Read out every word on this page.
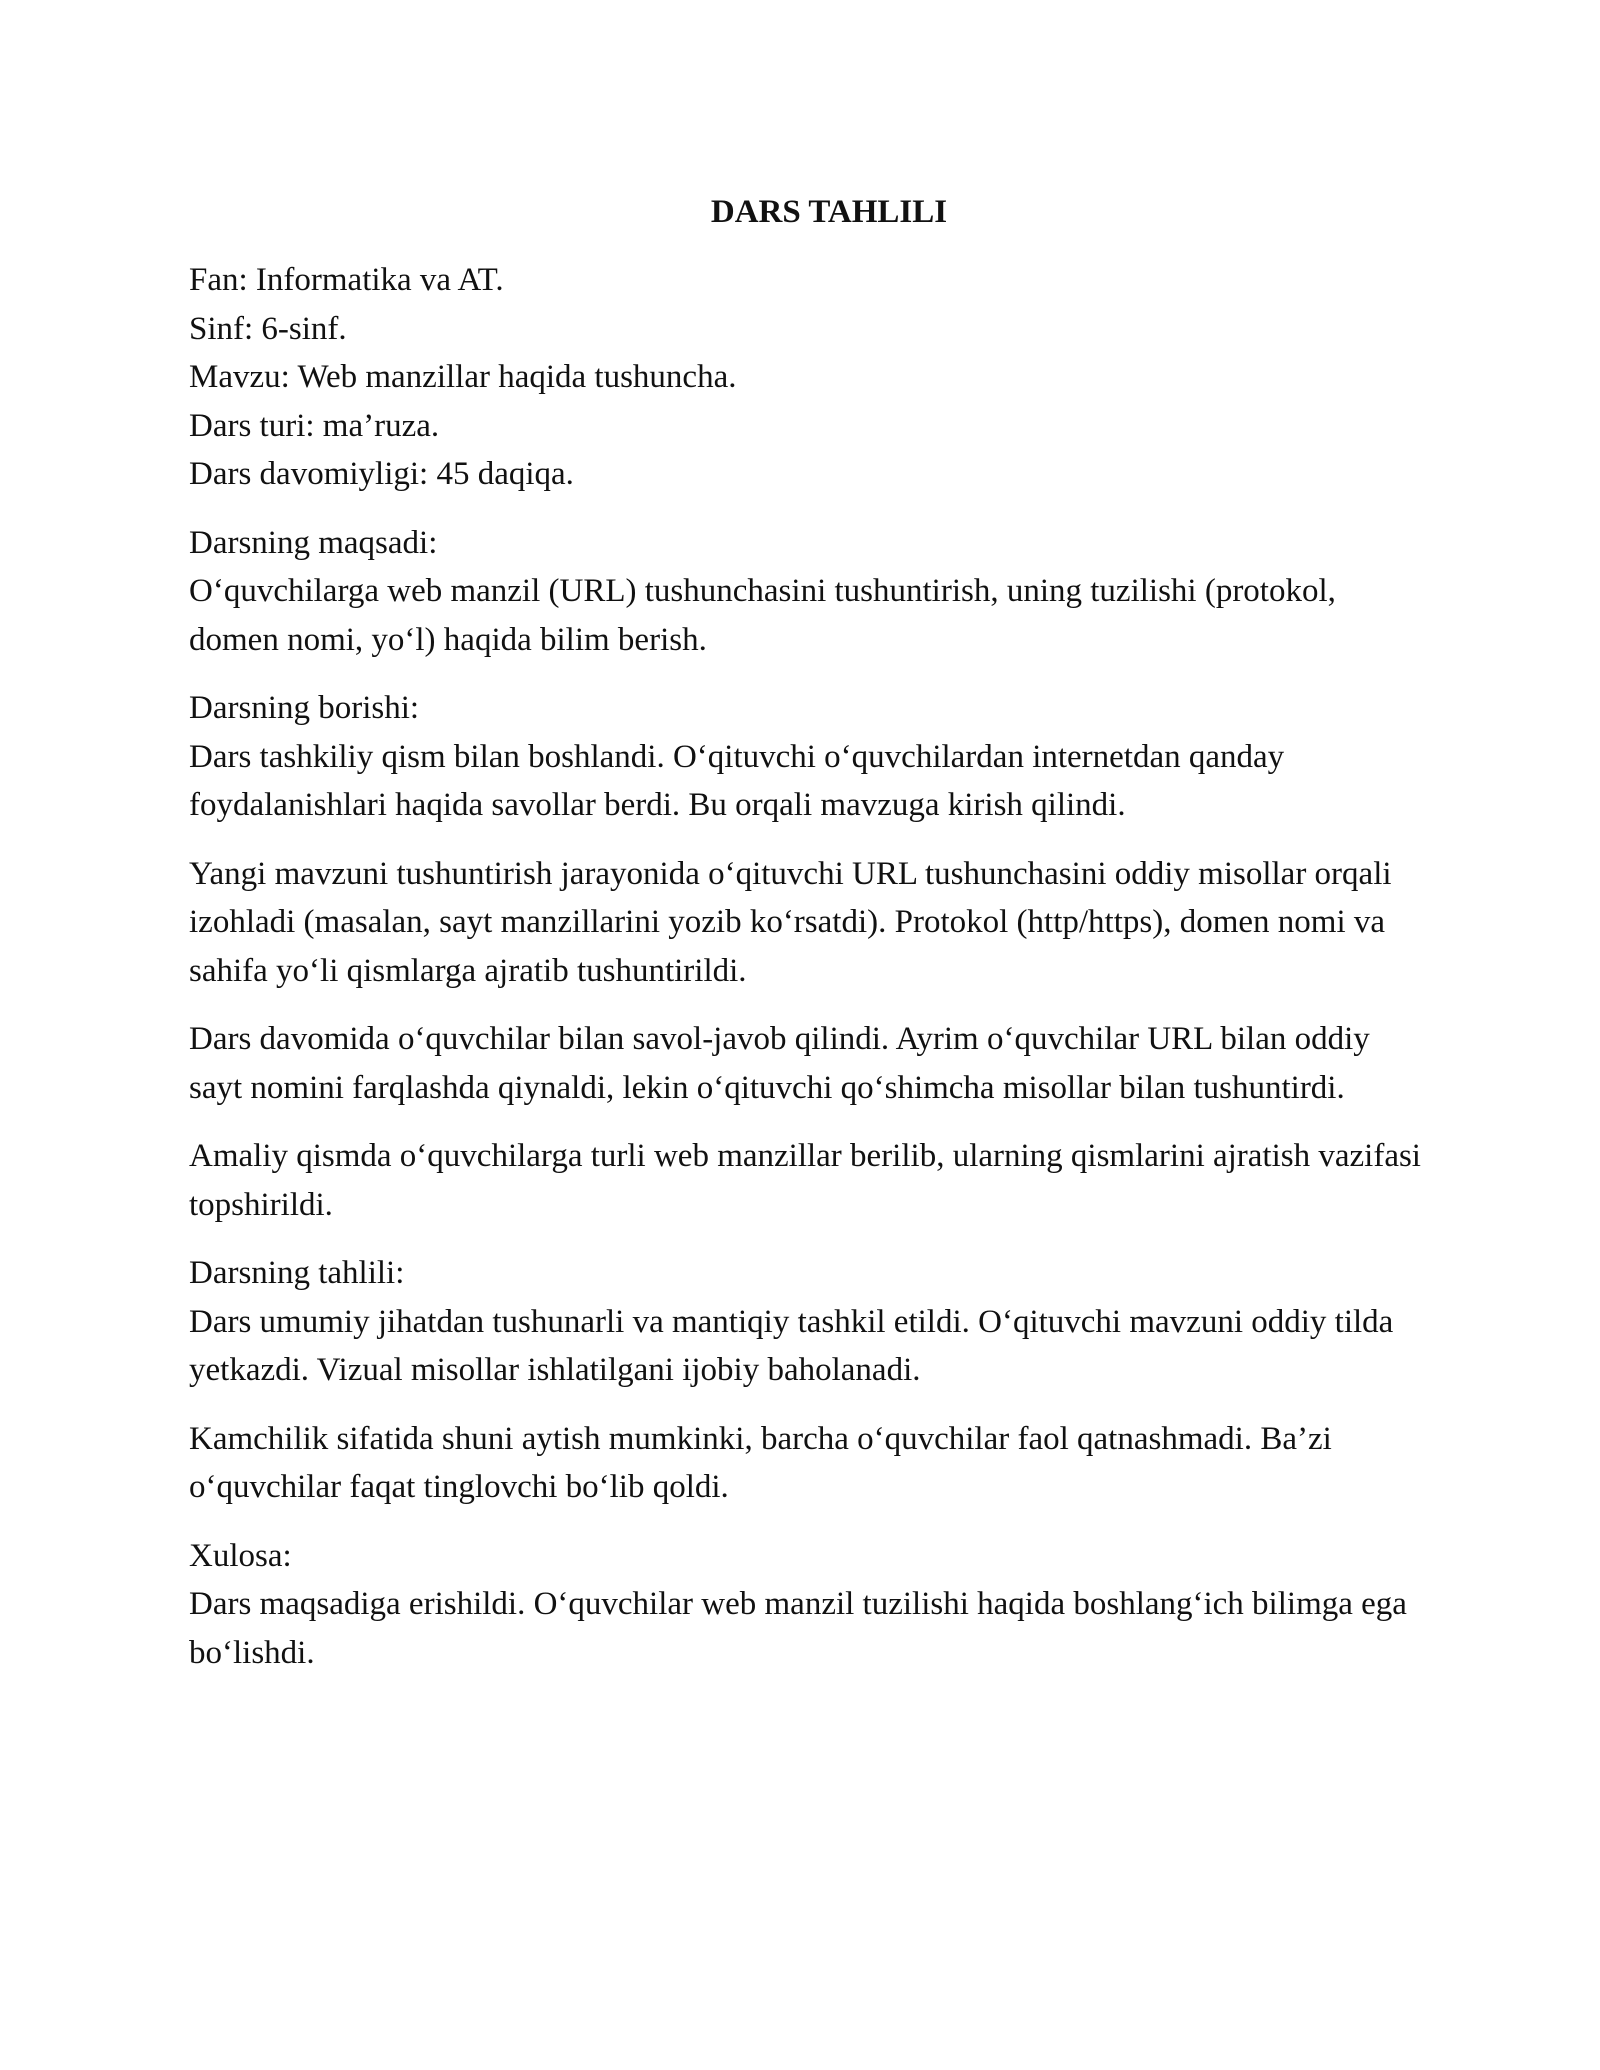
DARS TAHLILI

Fan: Informatika va AT.

Sinf: 6-sinf.

Mavzu: Web manzillar haqida tushuncha.

Dars turi: ma’ruza.

Dars davomiyligi: 45 daqiqa.

Darsning maqsadi:

O‘quvchilarga web manzil (URL) tushunchasini tushuntirish, uning tuzilishi (protokol, domen nomi, yo‘l) haqida bilim berish.

Darsning borishi:

Dars tashkiliy qism bilan boshlandi. O‘qituvchi o‘quvchilardan internetdan qanday foydalanishlari haqida savollar berdi. Bu orqali mavzuga kirish qilindi.

Yangi mavzuni tushuntirish jarayonida o‘qituvchi URL tushunchasini oddiy misollar orqali izohladi (masalan, sayt manzillarini yozib ko‘rsatdi). Protokol (http/https), domen nomi va sahifa yo‘li qismlarga ajratib tushuntirildi.

Dars davomida o‘quvchilar bilan savol-javob qilindi. Ayrim o‘quvchilar URL bilan oddiy sayt nomini farqlashda qiynaldi, lekin o‘qituvchi qo‘shimcha misollar bilan tushuntirdi.

Amaliy qismda o‘quvchilarga turli web manzillar berilib, ularning qismlarini ajratish vazifasi topshirildi.

Darsning tahlili:

Dars umumiy jihatdan tushunarli va mantiqiy tashkil etildi. O‘qituvchi mavzuni oddiy tilda yetkazdi. Vizual misollar ishlatilgani ijobiy baholanadi.

Kamchilik sifatida shuni aytish mumkinki, barcha o‘quvchilar faol qatnashmadi. Ba’zi o‘quvchilar faqat tinglovchi bo‘lib qoldi.

Xulosa:

Dars maqsadiga erishildi. O‘quvchilar web manzil tuzilishi haqida boshlang‘ich bilimga ega bo‘lishdi.
